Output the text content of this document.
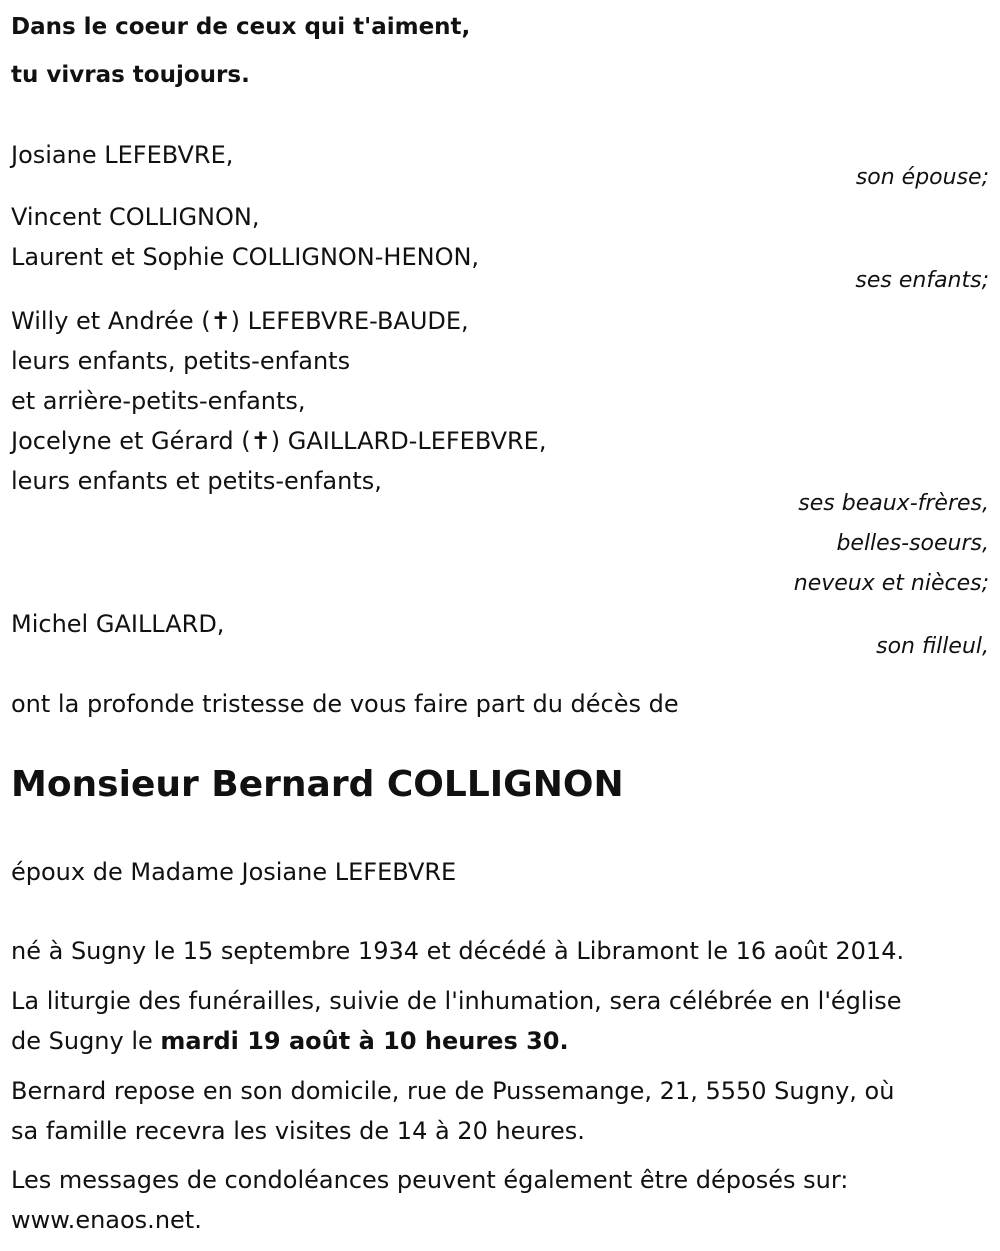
Dans le coeur de ceux qui t'aiment,
tu vivras toujours.
Josiane LEFEBVRE,
son épouse;
Vincent COLLIGNON,
Laurent et Sophie COLLIGNON-HENON,
ses enfants;
Willy et Andrée (✝) LEFEBVRE-BAUDE,
leurs enfants, petits-enfants
et arrière-petits-enfants,
Jocelyne et Gérard (✝) GAILLARD-LEFEBVRE,
leurs enfants et petits-enfants,
ses beaux-frères,
belles-soeurs,
neveux et nièces;
Michel GAILLARD,
son filleul,
ont la profonde tristesse de vous faire part du décès de
Monsieur Bernard COLLIGNON
époux de Madame Josiane LEFEBVRE
né à Sugny le 15 septembre 1934 et décédé à Libramont le 16 août 2014.
La liturgie des funérailles, suivie de l'inhumation, sera célébrée en l'église
de Sugny le mardi 19 août à 10 heures 30.
Bernard repose en son domicile, rue de Pussemange, 21, 5550 Sugny, où
sa famille recevra les visites de 14 à 20 heures.
Les messages de condoléances peuvent également être déposés sur:
www.enaos.net.
